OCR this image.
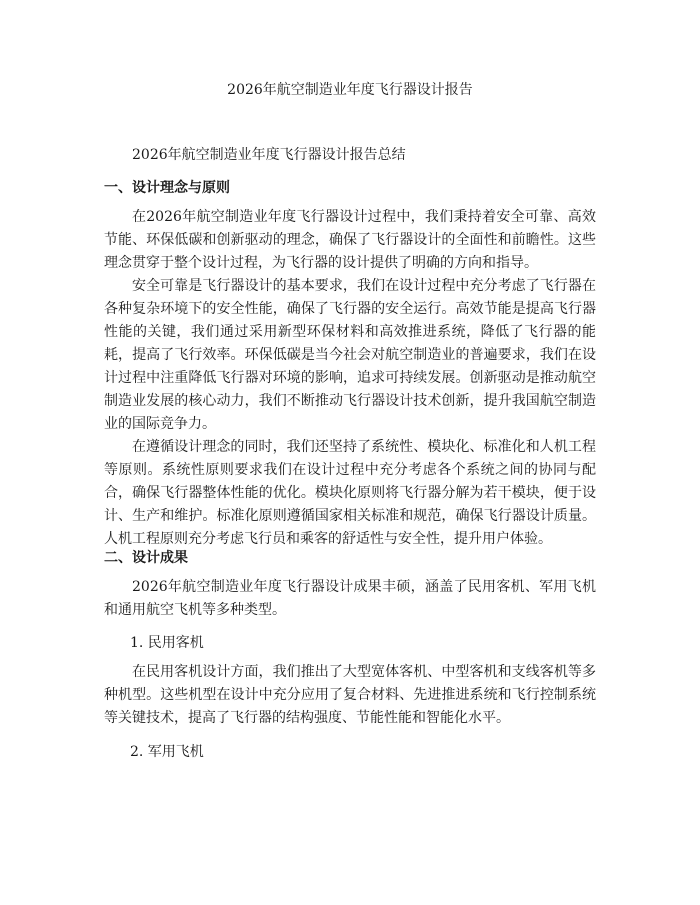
2026年航空制造业年度飞行器设计报告

2026年航空制造业年度飞行器设计报告总结

一、设计理念与原则

在2026年航空制造业年度飞行器设计过程中，我们秉持着安全可靠、高效节能、环保低碳和创新驱动的理念，确保了飞行器设计的全面性和前瞻性。这些理念贯穿于整个设计过程，为飞行器的设计提供了明确的方向和指导。

安全可靠是飞行器设计的基本要求，我们在设计过程中充分考虑了飞行器在各种复杂环境下的安全性能，确保了飞行器的安全运行。高效节能是提高飞行器性能的关键，我们通过采用新型环保材料和高效推进系统，降低了飞行器的能耗，提高了飞行效率。环保低碳是当今社会对航空制造业的普遍要求，我们在设计过程中注重降低飞行器对环境的影响，追求可持续发展。创新驱动是推动航空制造业发展的核心动力，我们不断推动飞行器设计技术创新，提升我国航空制造业的国际竞争力。

在遵循设计理念的同时，我们还坚持了系统性、模块化、标准化和人机工程等原则。系统性原则要求我们在设计过程中充分考虑各个系统之间的协同与配合，确保飞行器整体性能的优化。模块化原则将飞行器分解为若干模块，便于设计、生产和维护。标准化原则遵循国家相关标准和规范，确保飞行器设计质量。人机工程原则充分考虑飞行员和乘客的舒适性与安全性，提升用户体验。

二、设计成果

2026年航空制造业年度飞行器设计成果丰硕，涵盖了民用客机、军用飞机和通用航空飞机等多种类型。

1. 民用客机

在民用客机设计方面，我们推出了大型宽体客机、中型客机和支线客机等多种机型。这些机型在设计中充分应用了复合材料、先进推进系统和飞行控制系统等关键技术，提高了飞行器的结构强度、节能性能和智能化水平。

2. 军用飞机
